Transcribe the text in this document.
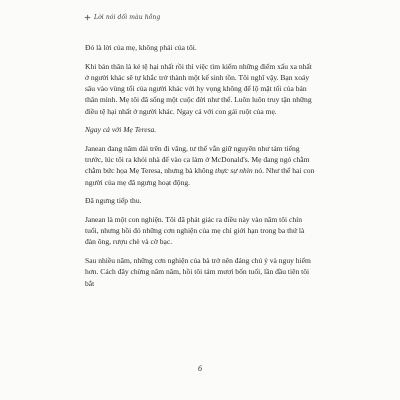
Lời nói dối màu hồng

Đó là lời của mẹ, không phải của tôi.

Khi bản thân là kẻ tệ hại nhất rồi thì việc tìm kiếm những điểm xấu xa nhất ở người khác sẽ tự khắc trở thành một kế sinh tồn. Tôi nghĩ vậy. Bạn xoáy sâu vào vùng tối của người khác với hy vọng không để lộ mặt tối của bản thân mình. Mẹ tôi đã sống một cuộc đời như thế. Luôn luôn truy tận những điều tệ hại nhất ở người khác. Ngay cả với con gái ruột của mẹ.

Ngay cả với Mẹ Teresa.

Janean đang năm dài trên đi văng, tư thế vẫn giữ nguyên như tám tiếng trước, lúc tôi ra khỏi nhà để vào ca làm ở McDonald's. Mẹ đang ngó chằm chằm bức họa Mẹ Teresa, nhưng bà không thực sự nhìn nó. Như thể hai con người của mẹ đã ngưng hoạt động.

Đã ngưng tiếp thu.

Janean là một con nghiện. Tôi đã phát giác ra điều này vào năm tôi chín tuổi, nhưng hồi đó những cơn nghiện của mẹ chỉ giới hạn trong ba thứ là đàn ông, rượu chè và cờ bạc.

Sau nhiều năm, những cơn nghiện của bà trở nên đáng chú ý và nguy hiểm hơn. Cách đây chừng năm năm, hồi tôi tám mươi bốn tuổi, lần đầu tiên tôi bắt

6
